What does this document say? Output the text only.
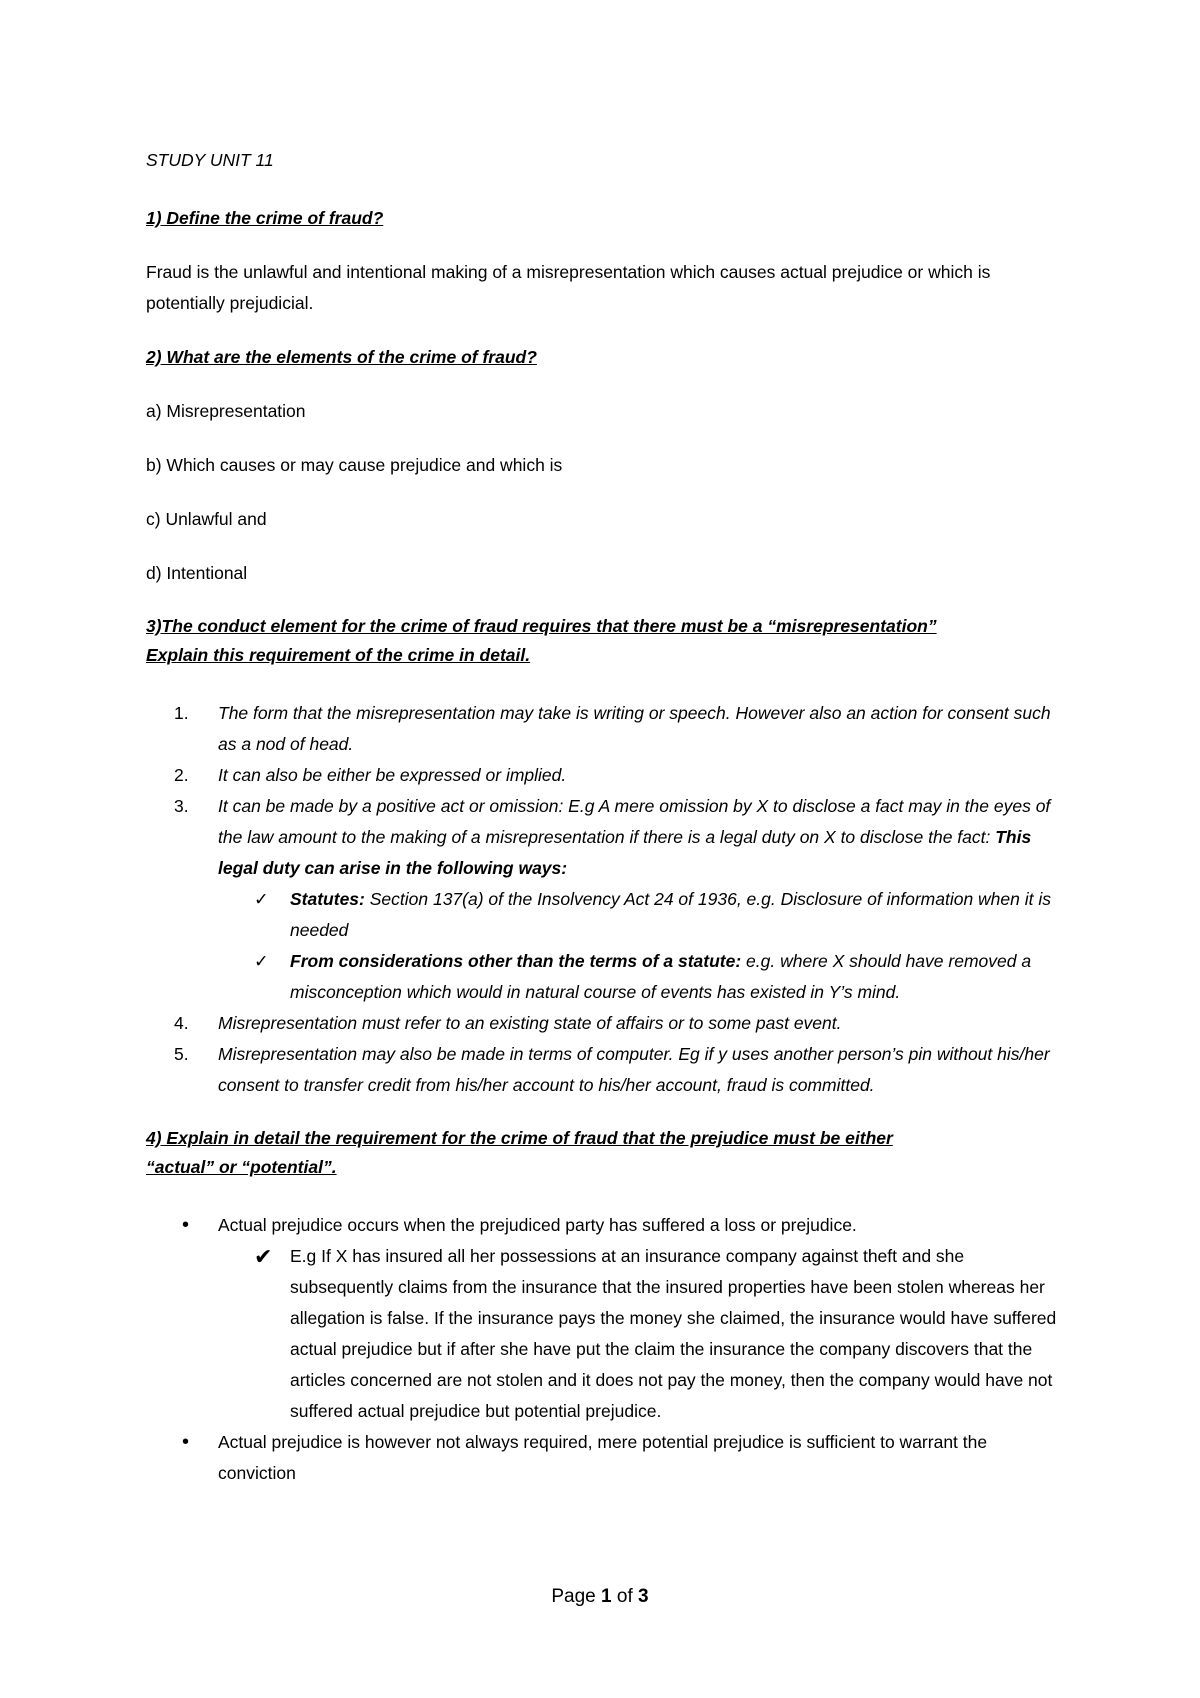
STUDY UNIT 11
1) Define the crime of fraud?
Fraud is the unlawful and intentional making of a misrepresentation which causes actual prejudice or which is potentially prejudicial.
2) What are the elements of the crime of fraud?
a) Misrepresentation
b) Which causes or may cause prejudice and which is
c) Unlawful and
d) Intentional
3)The conduct element for the crime of fraud requires that there must be a “misrepresentation”
Explain this requirement of the crime in detail.
1. The form that the misrepresentation may take is writing or speech. However also an action for consent such as a nod of head.
2. It can also be either be expressed or implied.
3. It can be made by a positive act or omission: E.g A mere omission by X to disclose a fact may in the eyes of the law amount to the making of a misrepresentation if there is a legal duty on X to disclose the fact: This legal duty can arise in the following ways:
✓ Statutes: Section 137(a) of the Insolvency Act 24 of 1936, e.g. Disclosure of information when it is needed
✓ From considerations other than the terms of a statute: e.g. where X should have removed a misconception which would in natural course of events has existed in Y’s mind.
4. Misrepresentation must refer to an existing state of affairs or to some past event.
5. Misrepresentation may also be made in terms of computer. Eg if y uses another person’s pin without his/her consent to transfer credit from his/her account to his/her account, fraud is committed.
4) Explain in detail the requirement for the crime of fraud that the prejudice must be either
“actual” or “potential”.
• Actual prejudice occurs when the prejudiced party has suffered a loss or prejudice.
✔ E.g If X has insured all her possessions at an insurance company against theft and she subsequently claims from the insurance that the insured properties have been stolen whereas her allegation is false. If the insurance pays the money she claimed, the insurance would have suffered actual prejudice but if after she have put the claim the insurance the company discovers that the articles concerned are not stolen and it does not pay the money, then the company would have not suffered actual prejudice but potential prejudice.
• Actual prejudice is however not always required, mere potential prejudice is sufficient to warrant the conviction
Page 1 of 3
